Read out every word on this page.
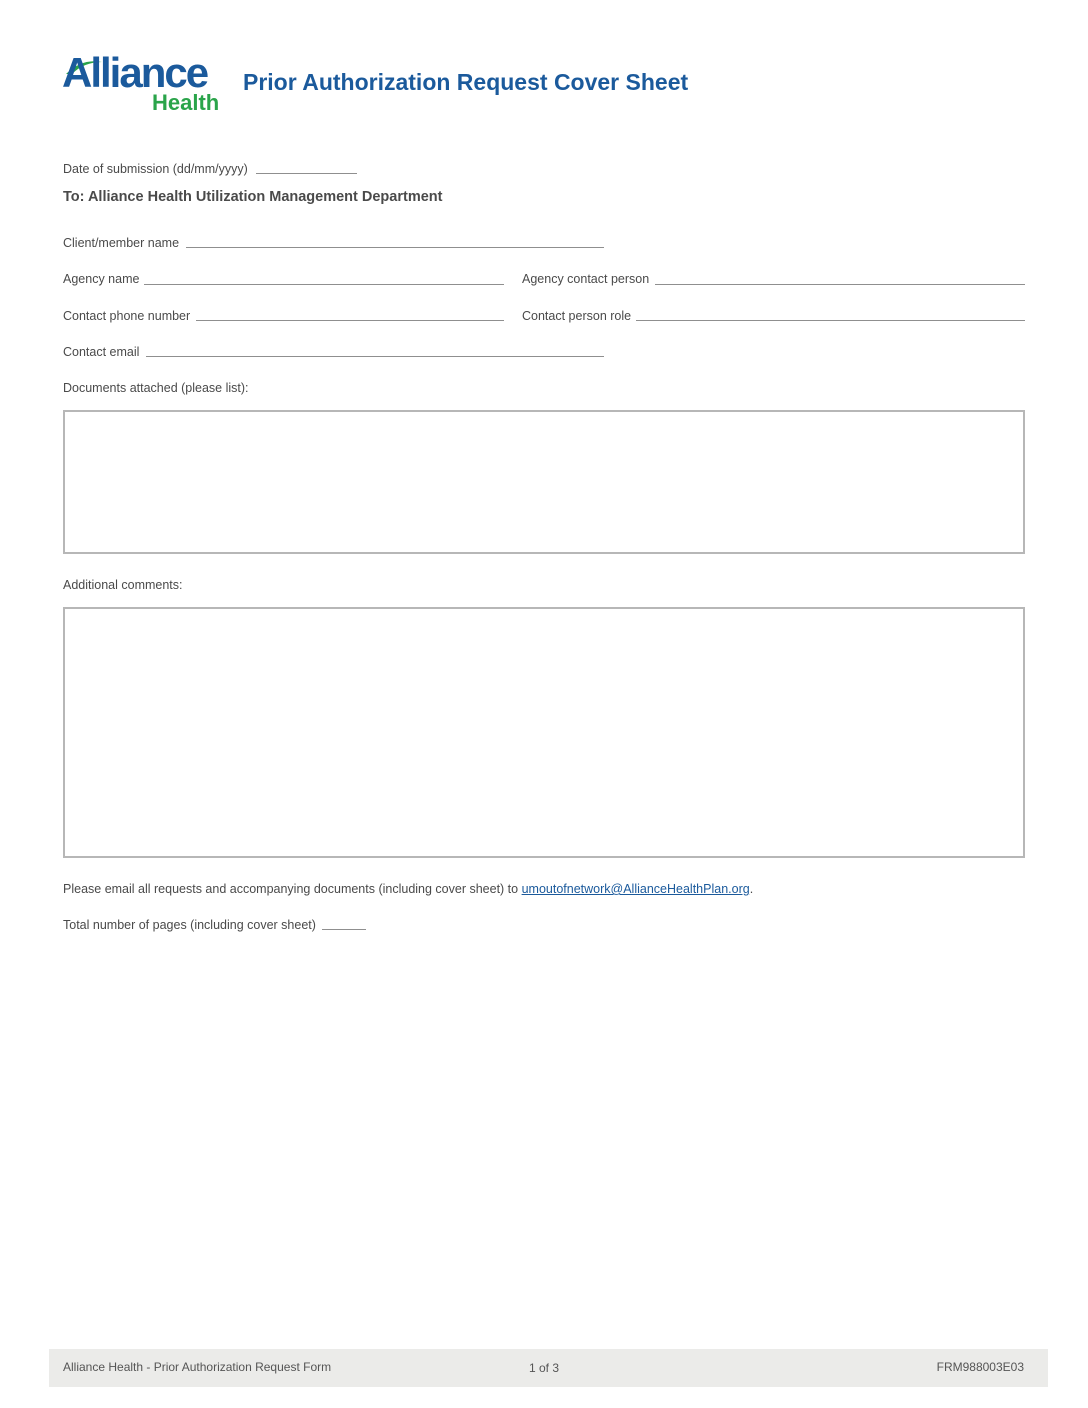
Alliance
Health
Prior Authorization Request Cover Sheet
Date of submission (dd/mm/yyyy)
To: Alliance Health Utilization Management Department
Client/member name
Agency name	Agency contact person
Contact phone number	Contact person role
Contact email
Documents attached (please list):
Additional comments:
Please email all requests and accompanying documents (including cover sheet) to umoutofnetwork@AllianceHealthPlan.org.
Total number of pages (including cover sheet)
Alliance Health - Prior Authorization Request Form	1 of 3	FRM988003E03
